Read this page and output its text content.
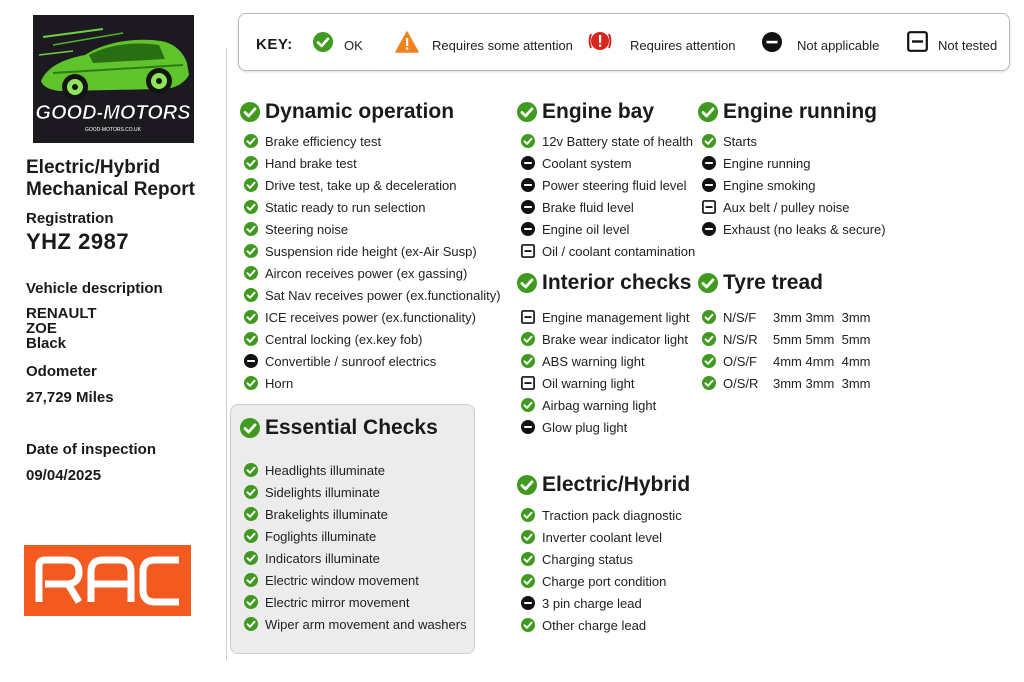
GOOD-MOTORS
GOOD-MOTORS.CO.UK
Electric/Hybrid
Mechanical Report
Registration
YHZ 2987
Vehicle description
RENAULT
ZOE
Black
Odometer
27,729 Miles
Date of inspection
09/04/2025
KEY:	OK	Requires some attention	Requires attention	Not applicable	Not tested
Dynamic operation
Brake efficiency test
Hand brake test
Drive test, take up & deceleration
Static ready to run selection
Steering noise
Suspension ride height (ex-Air Susp)
Aircon receives power (ex gassing)
Sat Nav receives power (ex.functionality)
ICE receives power (ex.functionality)
Central locking (ex.key fob)
Convertible / sunroof electrics
Horn
Essential Checks
Headlights illuminate
Sidelights illuminate
Brakelights illuminate
Foglights illuminate
Indicators illuminate
Electric window movement
Electric mirror movement
Wiper arm movement and washers
Engine bay
12v Battery state of health
Coolant system
Power steering fluid level
Brake fluid level
Engine oil level
Oil / coolant contamination
Interior checks
Engine management light
Brake wear indicator light
ABS warning light
Oil warning light
Airbag warning light
Glow plug light
Electric/Hybrid
Traction pack diagnostic
Inverter coolant level
Charging status
Charge port condition
3 pin charge lead
Other charge lead
Engine running
Starts
Engine running
Engine smoking
Aux belt / pulley noise
Exhaust (no leaks & secure)
Tyre tread
N/S/F 3mm 3mm  3mm
N/S/R 5mm 5mm  5mm
O/S/F 4mm 4mm  4mm
O/S/R 3mm 3mm  3mm
